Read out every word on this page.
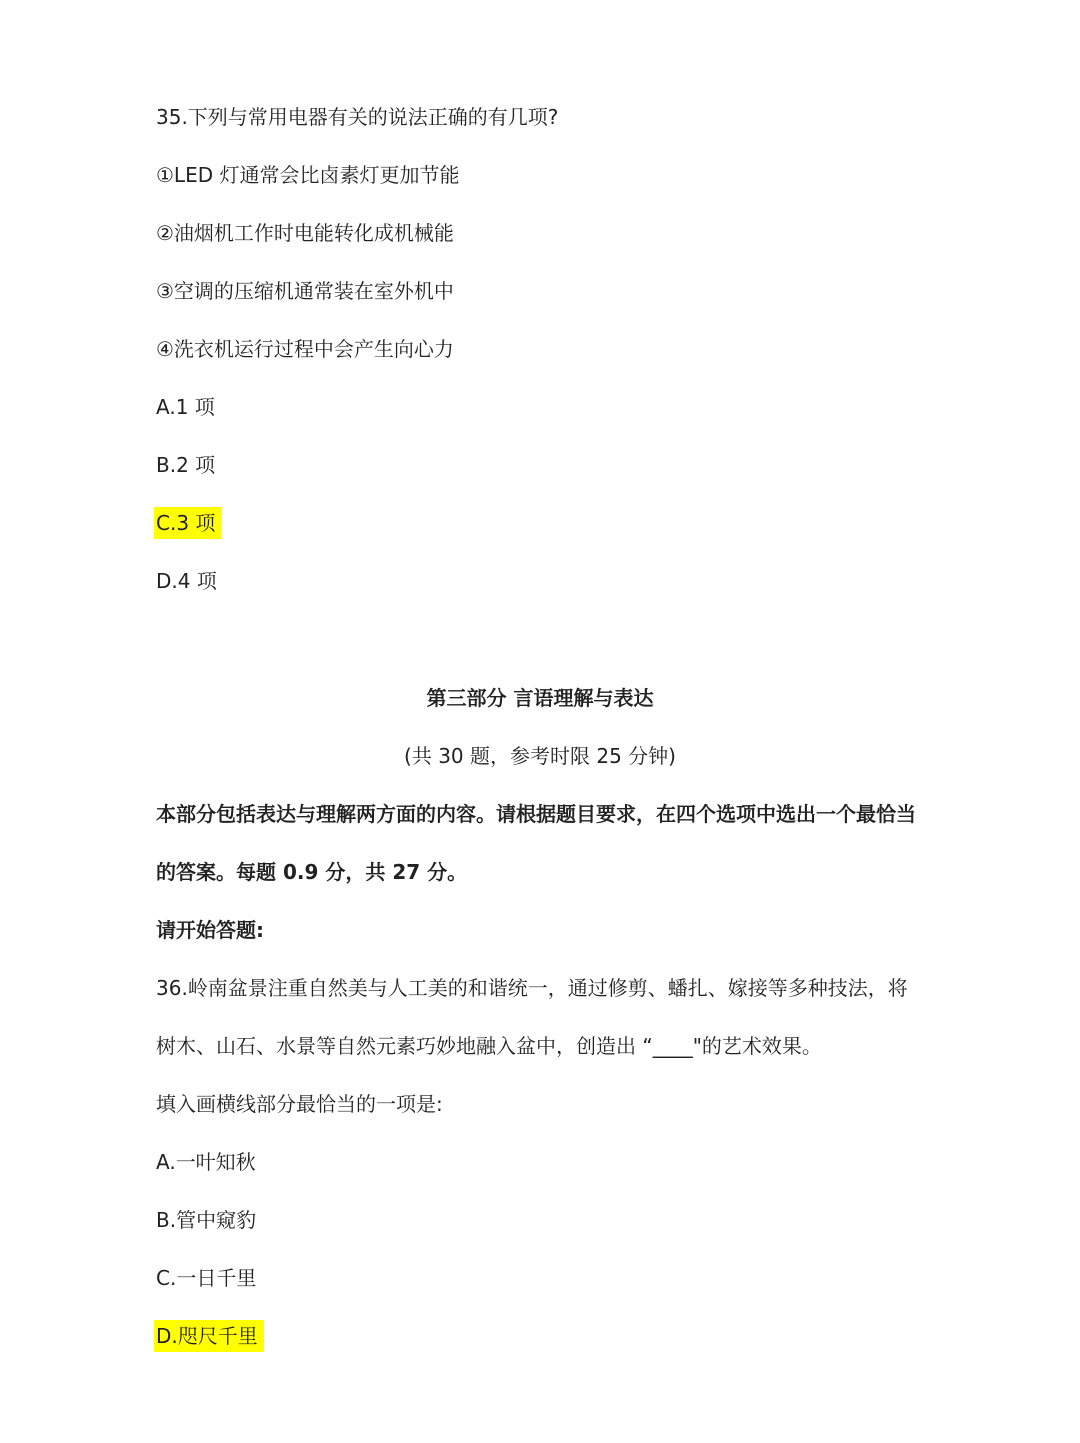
35.下列与常用电器有关的说法正确的有几项?
①LED 灯通常会比卤素灯更加节能
②油烟机工作时电能转化成机械能
③空调的压缩机通常装在室外机中
④洗衣机运行过程中会产生向心力
A.1 项
B.2 项
C.3 项
D.4 项
第三部分 言语理解与表达
(共 30 题，参考时限 25 分钟)
本部分包括表达与理解两方面的内容。请根据题目要求，在四个选项中选出一个最恰当
的答案。每题 0.9 分，共 27 分。
请开始答题:
36.岭南盆景注重自然美与人工美的和谐统一，通过修剪、蟠扎、嫁接等多种技法，将
树木、山石、水景等自然元素巧妙地融入盆中，创造出 “____"的艺术效果。
填入画横线部分最恰当的一项是:
A.一叶知秋
B.管中窥豹
C.一日千里
D.咫尺千里
